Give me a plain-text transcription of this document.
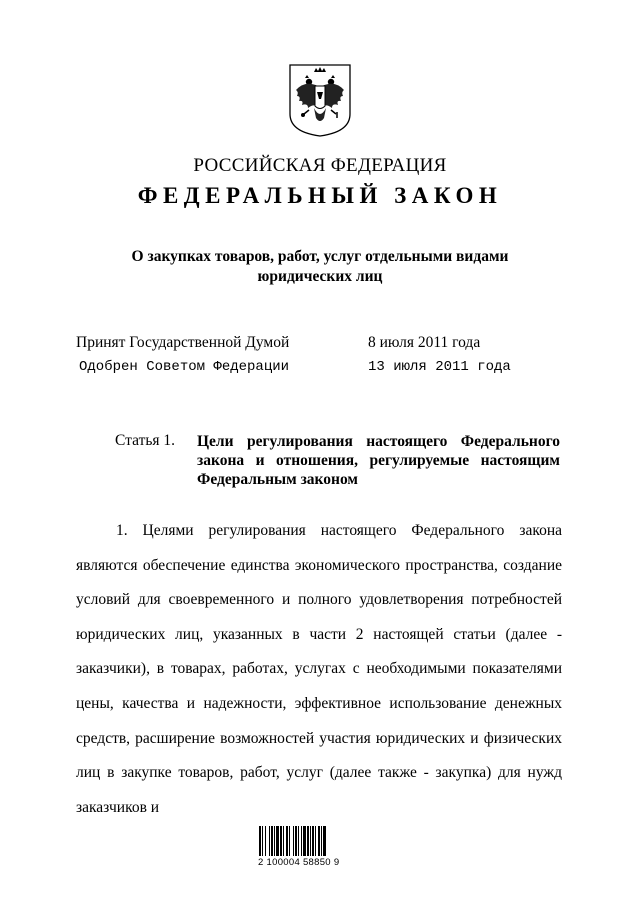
РОССИЙСКАЯ ФЕДЕРАЦИЯ
ФЕДЕРАЛЬНЫЙ ЗАКОН
О закупках товаров, работ, услуг отдельными видами
юридических лиц
Принят Государственной Думой	8 июля 2011 года
Одобрен Советом Федерации	13 июля 2011 года
Статья 1. Цели регулирования настоящего Федерального закона и отношения, регулируемые настоящим Федеральным законом
1. Целями регулирования настоящего Федерального закона являются обеспечение единства экономического пространства, создание условий для своевременного и полного удовлетворения потребностей юридических лиц, указанных в части 2 настоящей статьи (далее - заказчики), в товарах, работах, услугах с необходимыми показателями цены, качества и надежности, эффективное использование денежных средств, расширение возможностей участия юридических и физических лиц в закупке товаров, работ, услуг (далее также - закупка) для нужд заказчиков и
2 100004 58850 9
